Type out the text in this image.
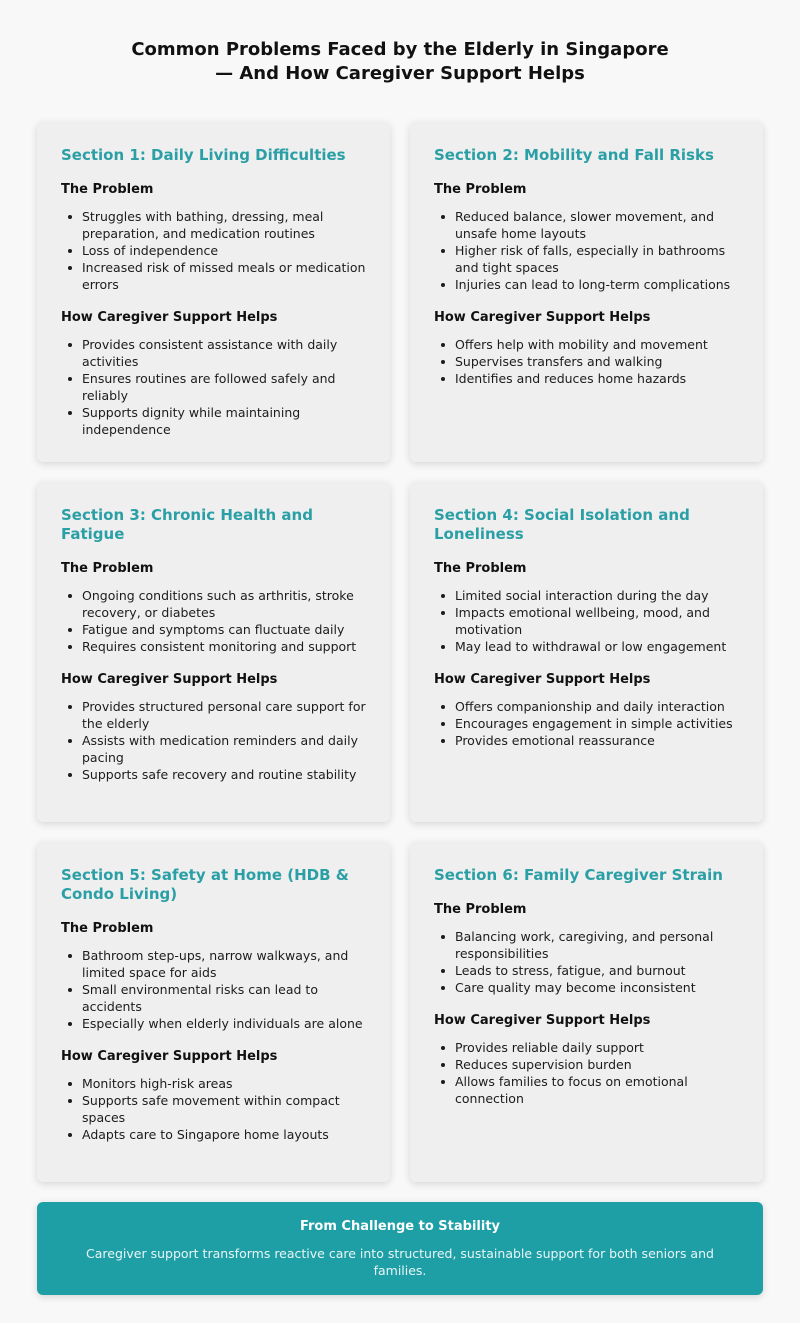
Common Problems Faced by the Elderly in Singapore — And How Caregiver Support Helps
Section 1: Daily Living Difficulties
The Problem
Struggles with bathing, dressing, meal preparation, and medication routines
Loss of independence
Increased risk of missed meals or medication errors
How Caregiver Support Helps
Provides consistent assistance with daily activities
Ensures routines are followed safely and reliably
Supports dignity while maintaining independence
Section 2: Mobility and Fall Risks
The Problem
Reduced balance, slower movement, and unsafe home layouts
Higher risk of falls, especially in bathrooms and tight spaces
Injuries can lead to long-term complications
How Caregiver Support Helps
Offers help with mobility and movement
Supervises transfers and walking
Identifies and reduces home hazards
Section 3: Chronic Health and Fatigue
The Problem
Ongoing conditions such as arthritis, stroke recovery, or diabetes
Fatigue and symptoms can fluctuate daily
Requires consistent monitoring and support
How Caregiver Support Helps
Provides structured personal care support for the elderly
Assists with medication reminders and daily pacing
Supports safe recovery and routine stability
Section 4: Social Isolation and Loneliness
The Problem
Limited social interaction during the day
Impacts emotional wellbeing, mood, and motivation
May lead to withdrawal or low engagement
How Caregiver Support Helps
Offers companionship and daily interaction
Encourages engagement in simple activities
Provides emotional reassurance
Section 5: Safety at Home (HDB & Condo Living)
The Problem
Bathroom step-ups, narrow walkways, and limited space for aids
Small environmental risks can lead to accidents
Especially when elderly individuals are alone
How Caregiver Support Helps
Monitors high-risk areas
Supports safe movement within compact spaces
Adapts care to Singapore home layouts
Section 6: Family Caregiver Strain
The Problem
Balancing work, caregiving, and personal responsibilities
Leads to stress, fatigue, and burnout
Care quality may become inconsistent
How Caregiver Support Helps
Provides reliable daily support
Reduces supervision burden
Allows families to focus on emotional connection
From Challenge to Stability
Caregiver support transforms reactive care into structured, sustainable support for both seniors and families.
